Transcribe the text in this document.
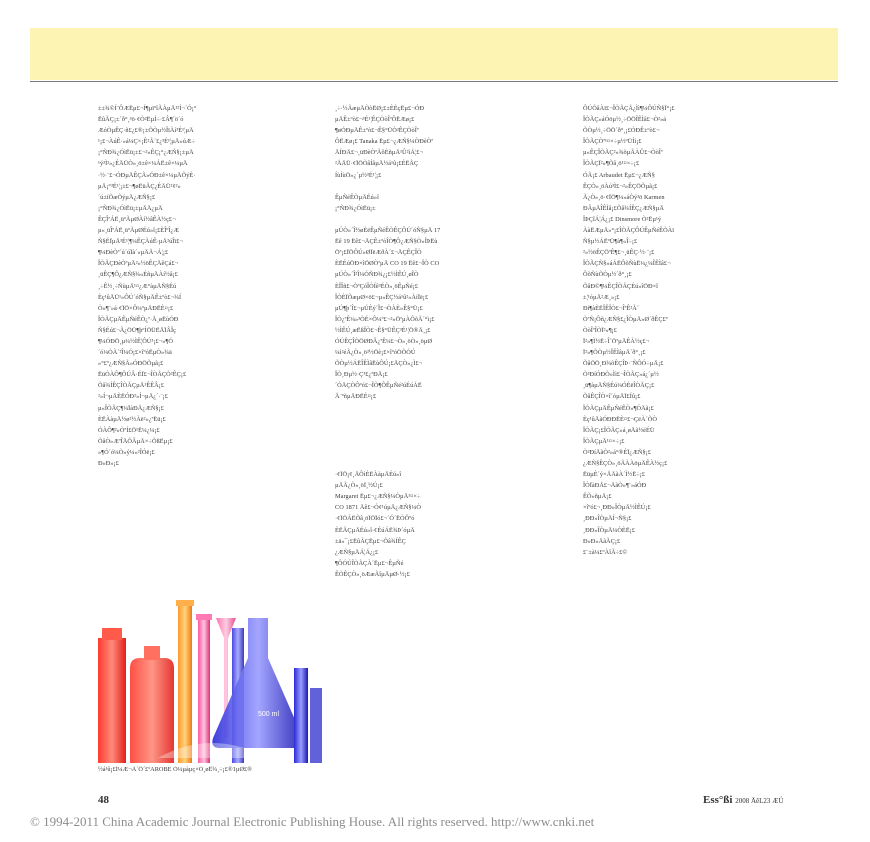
±±¾©Í¨ÔÆËµ£¬Í¶µïºîÃÀµÄ¹²Í¬´Ó¡°
ËûÃÇ¡±´ð°¸³ö·¢Ò²ËµÍ÷·£Â¶´ö´ó
ÆóÒµÊÇ·ñ£¿£®¡±ÕÒµ½ÎïÀí³É¹¦µÄ
¹¡£¬ÀúÊ·»á¼Ç×¡Ê²Ã´£¿³É¹¦µÄ»úÆ÷
¡°ÑÐ¾¿ÓìËü¡±£¬²»ÊÇ¡°¿ÆÑ§¡±µÄ
¹ý³Ì²»¿ÉÄÜÒ»¸ö±ê×¼ÁË±ê×¼µÄ
·½·¨£¬ÓÐµÄÊÇÃ»ÓÐ±ê×¼µÄÕýÈ·
µÄ¡°³É¹¦¡±£¬¶øËüÃÇ¿ÉÄÜ²¢²»
´ú±íÕæÕýµÄ¿ÆÑ§¡£
¡°ÑÐ¾¿ÓìËü¡±µÄÄ¿µÄ
ÊÇÎªÁË¸üºÃµØÀí½âÊÀ½ç£¬
µ«¸üÎªÁË¸üºÃµØÉú»î¡£ÈÎºÎ¿Æ
Ñ§ÉÏµÄ³É¹¦¶¼ÊÇÀúÊ·µÄ²úÎï£¬
¶¼ÐèÒª´ú´úÏà´«µÄÅ¬Á¦¡£
ÎÒÃÇÐèÒªµÄ²»½öÊÇÄêÇá£¬
¸üÊÇ¶Ô¿ÆÑ§¾«ÉñµÄÀí½â¡£
¸÷Ê½¸÷ÑùµÄ¹¤¿Æ°àµÄÑ§Éú
Èç¹ûÄÜ¹»ÔÚ´óÑ§µÄÊ±ºò£¬¾Í
Ò»¶¨»á·¢ÏÖ×Ô¼ºµÄÐËÈ¤¡£
ÎÒÃÇµÄÊµÑéÊÒ¿ª·Å¸øËùÓÐ
Ñ§Éú£¬Ã¿ÖÜ¶þºÍÖÜËÄÏÂÎç
¶¼ÓÐÖ¸µ¼½ÌÊ¦ÔÚ³¡£¬»¶Ó
´ó¼ÒÀ´²Î¼Ó¡£×îºóËµÒ»¾ä
»°£º¿ÆÑ§Ã»ÓÐÖÕµã¡£
ËüÓÀÔ¶ÔÚÂ·ÉÏ£¬ÎÒÃÇÒ²ÊÇ¡£
Õâ¾ÍÊÇÎÒÃÇµÄ¹ÊÊÂ¡£
²»Í¬µÄÈËÓÐ²»Í¬µÄ¿´·¨¡£
µ«ÎÒÃÇ¶¼ÏàÐÅ¿ÆÑ§¡£
ÈËÀàµÄ½ø²½Àë²»¿ªËü¡£
ÓÀÔ¶²»ÒªÍ£Ö¹Ë¼¿¼¡£
ÕâÒ»ÆªÎÄÕÂµÄ×÷ÕßËµ¡£
»¶Ó´ó¼Ò»ý¼«²ÎÓë¡£
Ð»Ð»¡£
¸÷·½ÃæµÄÒòËØ¡£±ÈÈçËµ£¬ÓÐ
µÄÊ±ºò£¬³É¹¦ÊÇÒòÎªÔËÆø¡£
¶øÓÐµÄÊ±ºò£¬Ê§°ÜÒ²ÊÇÒòÎª
ÔËÆø¡£ Tanaka Ëµ£¬¿ÆÑ§¼ÒÐèÒª
ÄÍÐÄ£¬¸üÐèÒªÃôÈñµÄ¹Û²ìÁ¦£¬
²ÅÄÜ·¢ÏÖÒâÍâµÄ½á¹û¡£ÈËÃÇ
ÍùÍùÖ»¿´µ½³É¹¦¡£
ÊµÑéÊÒµÄÉú»î
¡°ÑÐ¾¿ÓìËü¡±
µÚÒ»´Î½øÈëÊµÑéÊÒÊÇÔÚ´óÑ§µÄ 17
Ëê 19 Ëê£¬ÄÇÊ±ºòÎÒ¶Ô¿ÆÑ§Ò»ÎÞËù
Öª¡£ÏÖÔÚ»ØÏëÆðÀ´£¬ÄÇÊÇÎÒ
ÈËÉúÖÐ×îÖØÒªµÄ CO 19 Ëê£¬ÎÒ CO
µÚÒ»´Î²Î¼ÓÑÐ¾¿¡£½ÌÊÚ¸øÎÒ
ÈÎÎñ£¬ÒªÇóÎÒÍê³ÉÒ»¸öÊµÑé¡£
ÎÒÈÏÕæµØ×ö£¬µ«ÊÇ½á¹û²»ÀíÏë¡£
µÚ¶þ´Î£¬µÚÈý´Î£¬ÒÀÈ»Ê§°Ü¡£
ÎÒ¿ªÊ¼»³ÒÉ×Ô¼º£¬²»ÖªµÀÔõÃ´°ì¡£
½ÌÊÚ¸æËßÎÒ£¬Ê§°ÜÊÇ³É¹¦Ö®Ä¸¡£
ÓÚÊÇÎÒÖØÐÂ¿ªÊ¼£¬Ò»¸öÒ»¸öµØ
¼ì²éÃ¿Ò»¸ö²½Öè¡£×îºóÖÕÓÚ
ÕÒµ½ÁËÎÊÌâËùÔÚ¡£ÄÇÒ»¿Ì£¬
ÎÒ¸Ðµ½·Ç³£¿ªÐÄ¡£
´ÓÄÇÒÔºó£¬ÎÒ¶ÔÊµÑé²úÉúÁË
Å¨ºñµÄÐËÈ¤¡£
·¢ÏÖ¡¢¸ÄÔìÈËÀàµÄÉú»î
µÄÃ¿Ò»¸öÏ¸½Ú¡£
Margaret Ëµ£¬¿ÆÑ§¼ÒµÄ¹¤×÷
CO 1871 Äê£¬Ó¢¹úµÄ¿ÆÑ§¼Ò
·¢ÏÖÁËÕâ¸öÏÖÏó£¬´Ó´ËÒÔºó
ÈËÃÇµÄÉú»î·¢ÉúÁË¾Þ´óµÄ
±ä»¯¡£ËûÃÇËµ£¬Õâ¾ÍÊÇ
¿ÆÑ§µÄÁ¦Á¿¡£
¶ÔÓÚÎÒÃÇÀ´Ëµ£¬ÊµÑé
ÊÒÊÇÒ»¸öÆæÃîµÄµØ·½¡£
ÔÚÕâÀï£¬ÎÒÃÇÃ¿Ìì¶¼ÔÚÑ§Ï°¡£
ÎÒÃÇ»áÓöµ½¸÷ÖÖÎÊÌâ£¬Ò²»á
ÕÒµ½¸÷ÖÖ´ð°¸¡£ÓÐÊ±ºò£¬
ÎÒÃÇÒª¹¤×÷µ½ºÜÍí¡£
µ«ÊÇÎÒÃÇ²»¾õµÃÀÛ£¬ÒòÎª
ÎÒÃÇÏ²»¶Õâ¸ö¹¤×÷¡£
ÓÃ¡£ Arbaudet Ëµ£¬¿ÆÑ§
ÊÇÒ»¸öÀú³Ì£¬²»ÊÇÖÕµã¡£
Ã¿Ò»¸ö·¢ÏÖ¶¼»áÒý³ö Karmen
ÐÂµÄÎÊÌâ¡£Õâ¾ÍÊÇ¿ÆÑ§µÄ
ÎÞÇîÁ¦Á¿¡£ Dinsmore Ò²Ëµ¹ý
ÀàËÆµÄ»°¡£ÎÒÃÇÔÚÊµÑéÊÒÀï
Ñ§µ½ÁËºÜ¶à¶«Î÷¡£
²»½öÊÇÖªÊ¶£¬¸üÊÇ·½·¨¡£
ÎÒÃÇÑ§»áÁËÔõÑùË¼¿¼ÎÊÌâ£¬
ÔõÑùÕÒµ½´ð°¸¡£
ÕâÐ©¶¼ÊÇÎÒÃÇÉú»îÖÐ×î
±¦¹óµÄ²Æ¸»¡£
Ðí¶àÈËÎÊÎÒ£¬ÎªÊ²Ã´
ÒªÑ¡Ôñ¿ÆÑ§£¿ÎÒµÄ»Ø´ðÊÇ£º
ÒòÎªÎÒÏ²»¶¡£
Ï²»¶Ì½Ë÷Î´ÖªµÄÊÀ½ç£¬
Ï²»¶ÕÒµ½ÎÊÌâµÄ´ð°¸¡£
ÕâÖÖ¸Ð¾õÊÇÎÞ·¨ÑÔÓ÷µÄ¡£
Ò²ÐíÓÐÒ»Ìì£¬ÎÒÃÇ»á¿´µ½
¸ü¶àµÄÑ§Éú¼ÓÈëÎÒÃÇ¡£
ÕâÊÇÎÒ×î´óµÄÏ£Íû¡£
ÎÒÃÇµÄÊµÑéÊÒ»¶ÓÄã¡£
Èç¹ûÄãÓÐÐËÈ¤£¬ÇëÀ´ÕÒ
ÎÒÃÇ¡£ÎÒÃÇ»á¸øÄã½éÉÜ
ÎÒÃÇµÄ¹¤×÷¡£
Ò²ÐíÄãÒ²»á°®ÉÏ¿ÆÑ§¡£
¿ÆÑ§ÊÇÒ»¸öÃÀÀöµÄÊÀ½ç¡£
ËüµÈ´ý×ÅÄãÀ´Ì½Ë÷¡£
ÎÒÏàÐÅ£¬ÄãÒ»¶¨»áÓÐ
ÊÕ»ñµÄ¡£
×îºó£¬¸ÐÐ»ÎÒµÄ½ÌÊÚ¡£
¸ÐÐ»ÎÒµÄÍ¬Ñ§¡£
¸ÐÐ»ÎÒµÄ¼ÒÈË¡£
Ð»Ð»ÄãÃÇ¡£
£¨±à¼£ºÀîÃ÷£©
500 ml
½á¹û¡£Í¼Æ¬À´Ô´£ºAROBE Ò¼µàµç×Ó¸øÊ¾¸÷¡£®1µØ£®
48	Ess°ßi 2008 ÄêL23 ÆÚ
© 1994-2011 China Academic Journal Electronic Publishing House. All rights reserved. http://www.cnki.net
